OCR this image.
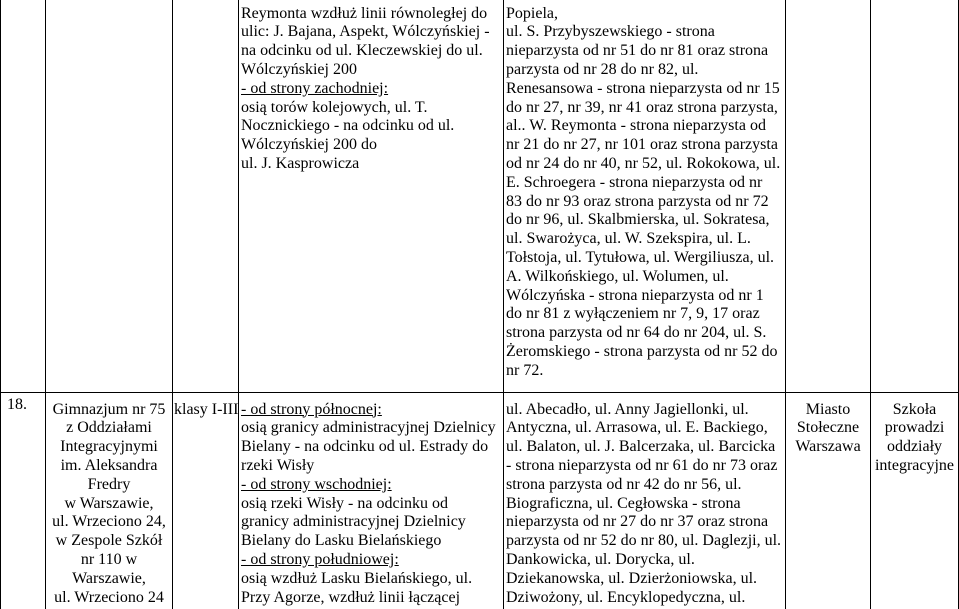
Reymonta wzdłuż linii równoległej do
ulic: J. Bajana, Aspekt, Wólczyńskiej -
na odcinku od ul. Kleczewskiej do ul.
Wólczyńskiej 200
- od strony zachodniej:
osią torów kolejowych, ul. T.
Nocznickiego - na odcinku od ul.
Wólczyńskiej 200 do
ul. J. Kasprowicza
Popiela,
ul. S. Przybyszewskiego - strona
nieparzysta od nr 51 do nr 81 oraz strona
parzysta od nr 28 do nr 82, ul.
Renesansowa - strona nieparzysta od nr 15
do nr 27, nr 39, nr 41 oraz strona parzysta,
al.. W. Reymonta - strona nieparzysta od
nr 21 do nr 27, nr 101 oraz strona parzysta
od nr 24 do nr 40, nr 52, ul. Rokokowa, ul.
E. Schroegera - strona nieparzysta od nr
83 do nr 93 oraz strona parzysta od nr 72
do nr 96, ul. Skalbmierska, ul. Sokratesa,
ul. Swarożyca, ul. W. Szekspira, ul. L.
Tołstoja, ul. Tytułowa, ul. Wergiliusza, ul.
A. Wilkońskiego, ul. Wolumen, ul.
Wólczyńska - strona nieparzysta od nr 1
do nr 81 z wyłączeniem nr 7, 9, 17 oraz
strona parzysta od nr 64 do nr 204, ul. S.
Żeromskiego - strona parzysta od nr 52 do
nr 72.
18.	Gimnazjum nr 75
z Oddziałami
Integracyjnymi
im. Aleksandra
Fredry
w Warszawie,
ul. Wrzeciono 24,
w Zespole Szkół
nr 110 w
Warszawie,
ul. Wrzeciono 24
klasy I-III - od strony północnej:
osią granicy administracyjnej Dzielnicy
Bielany - na odcinku od ul. Estrady do
rzeki Wisły
- od strony wschodniej:
osią rzeki Wisły - na odcinku od
granicy administracyjnej Dzielnicy
Bielany do Lasku Bielańskiego
- od strony południowej:
osią wzdłuż Lasku Bielańskiego, ul.
Przy Agorze, wzdłuż linii łączącej
ul. Abecadło, ul. Anny Jagiellonki, ul.
Antyczna, ul. Arrasowa, ul. E. Backiego,
ul. Balaton, ul. J. Balcerzaka, ul. Barcicka
- strona nieparzysta od nr 61 do nr 73 oraz
strona parzysta od nr 42 do nr 56, ul.
Biograficzna, ul. Cegłowska - strona
nieparzysta od nr 27 do nr 37 oraz strona
parzysta od nr 52 do nr 80, ul. Daglezji, ul.
Dankowicka, ul. Dorycka, ul.
Dziekanowska, ul. Dzierżoniowska, ul.
Dziwożony, ul. Encyklopedyczna, ul.
Miasto
Stołeczne
Warszawa
Szkoła
prowadzi
oddziały
integracyjne
